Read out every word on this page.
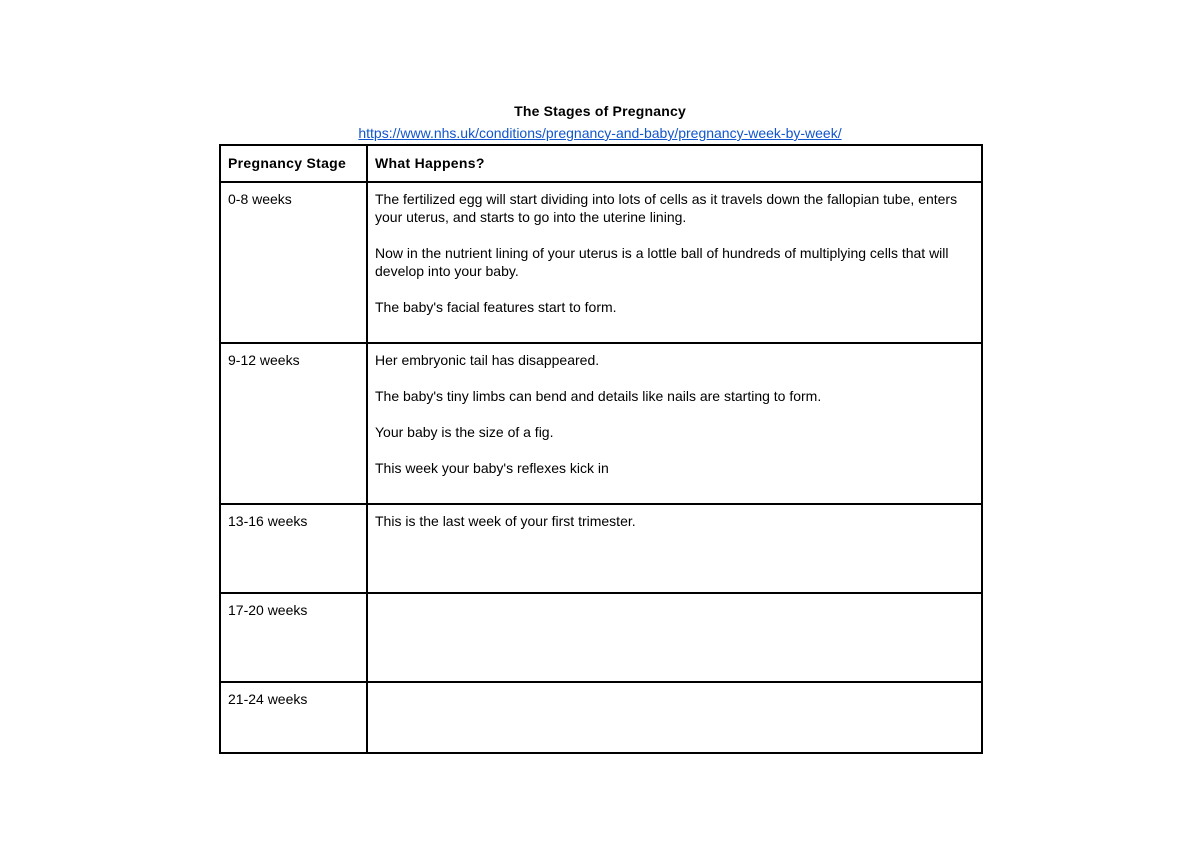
The Stages of Pregnancy
https://www.nhs.uk/conditions/pregnancy-and-baby/pregnancy-week-by-week/
Pregnancy Stage	What Happens?
0-8 weeks	The fertilized egg will start dividing into lots of cells as it travels down the fallopian tube, enters your uterus, and starts to go into the uterine lining.

Now in the nutrient lining of your uterus is a lottle ball of hundreds of multiplying cells that will develop into your baby.

The baby's facial features start to form.

9-12 weeks	Her embryonic tail has disappeared.

The baby's tiny limbs can bend and details like nails are starting to form.

Your baby is the size of a fig.

This week your baby's reflexes kick in

13-16 weeks	This is the last week of your first trimester.

17-20 weeks	
21-24 weeks	
